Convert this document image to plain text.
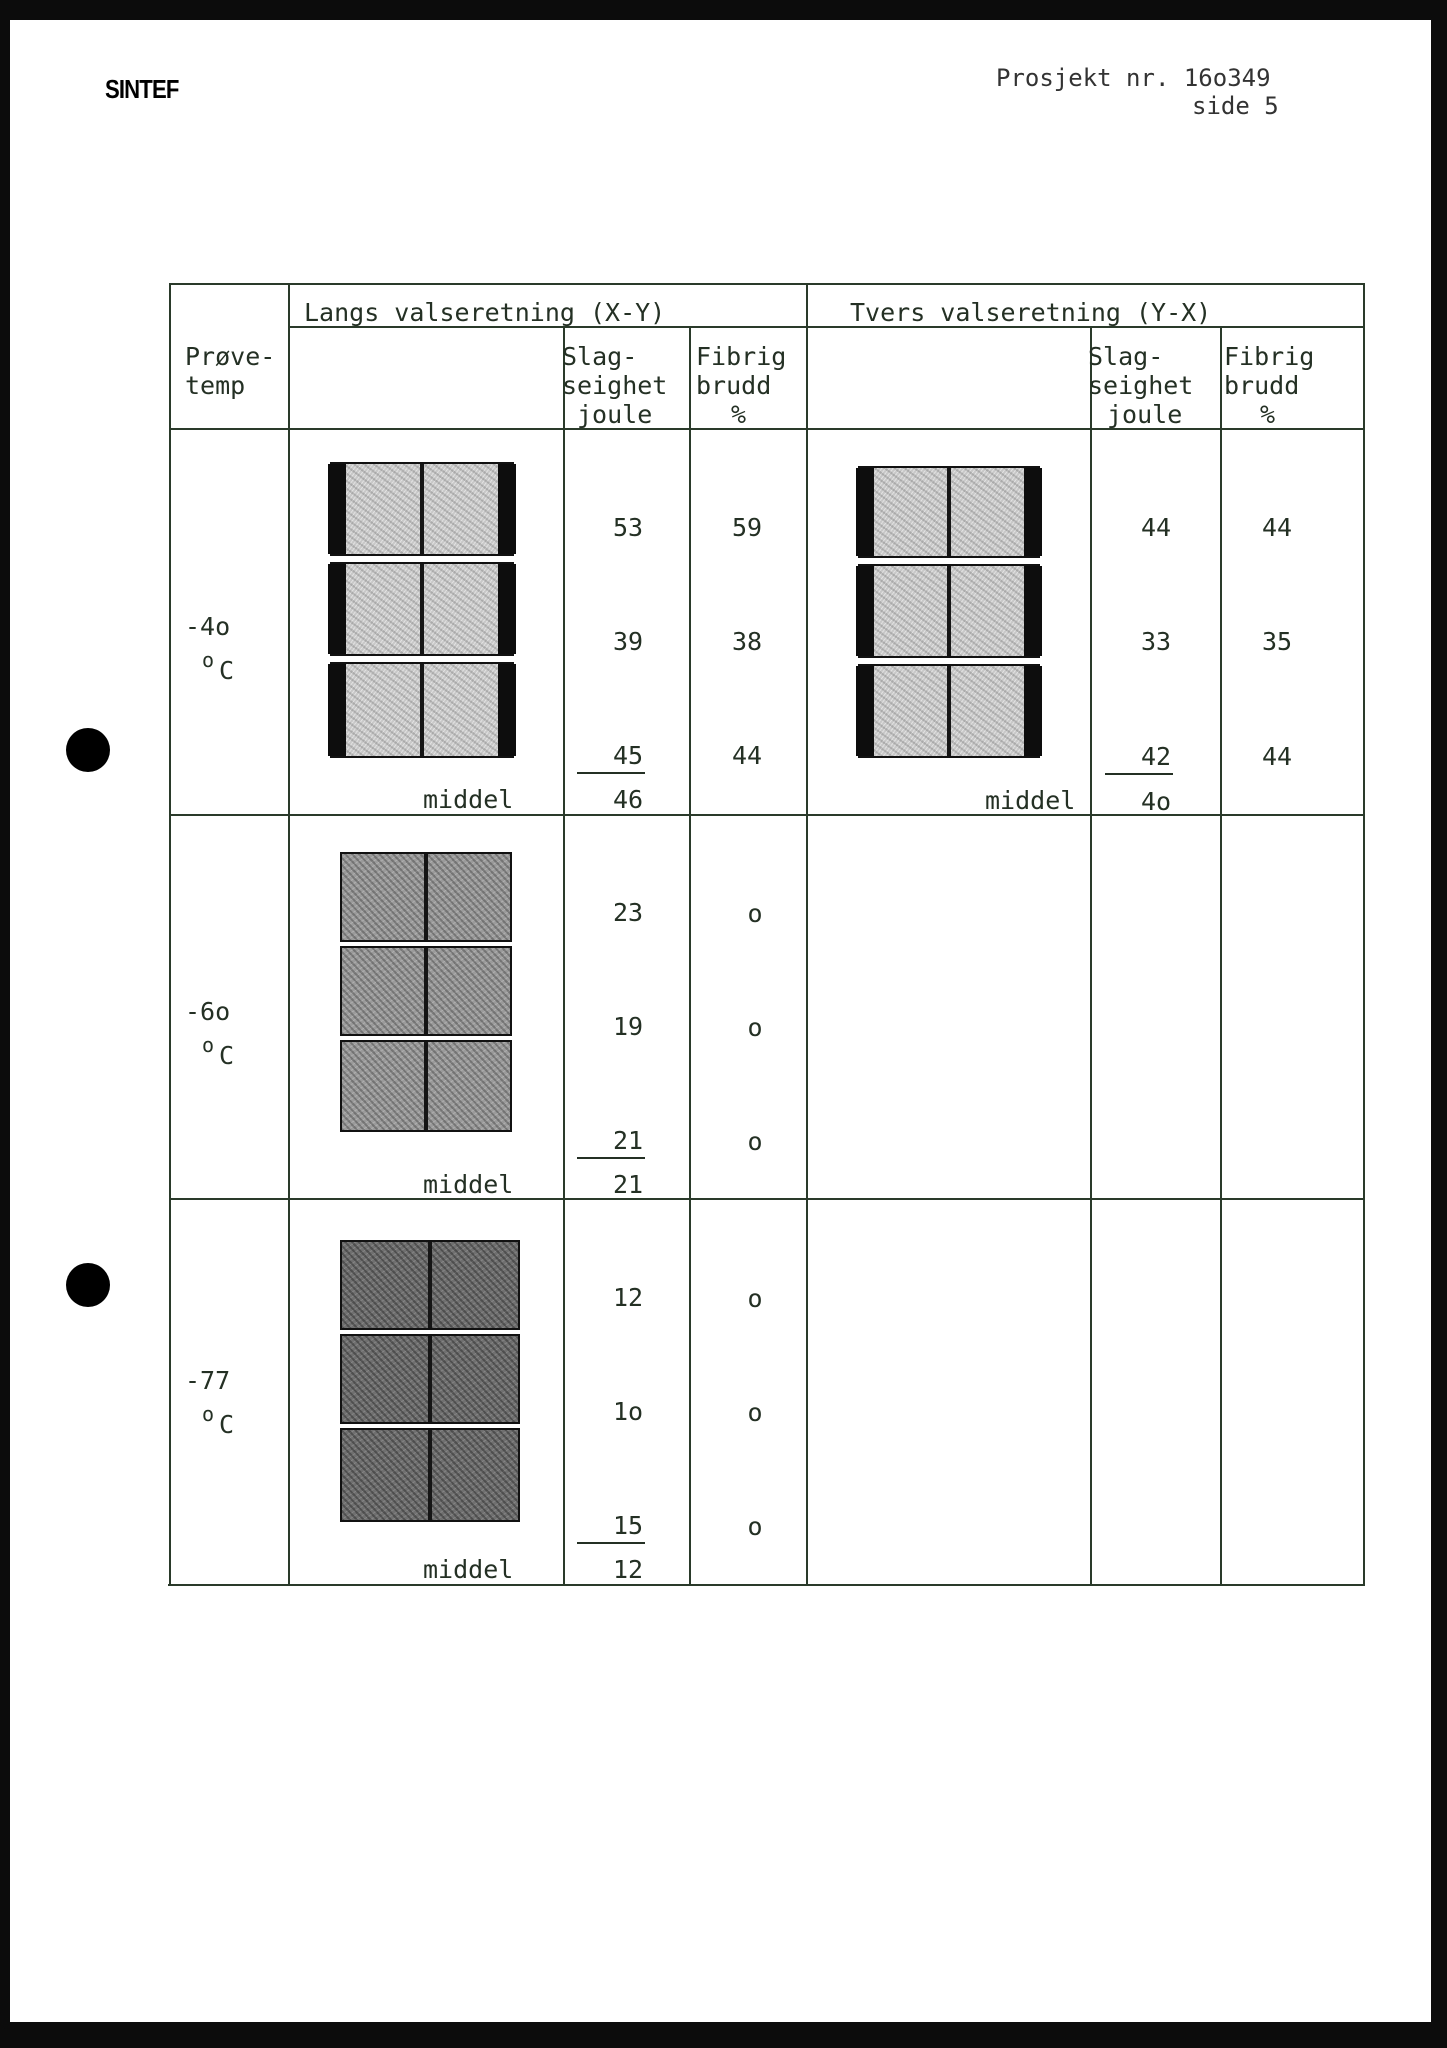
SINTEF	Prosjekt nr. 16o349
side 5
Langs valseretning (X-Y)	Tvers valseretning (Y-X)
Prøve-
temp
Slag-
seighet
joule
Fibrig
brudd
%
Slag-
seighet
joule
Fibrig
brudd
%
-4o
o C
53
39
45
46
middel
59
38
44
44
33
42
4o
middel
44
35
44
-6o
o C
23
19
21
21
middel
o
o
o
-77
o C
12
1o
15
12
middel
o
o
o
